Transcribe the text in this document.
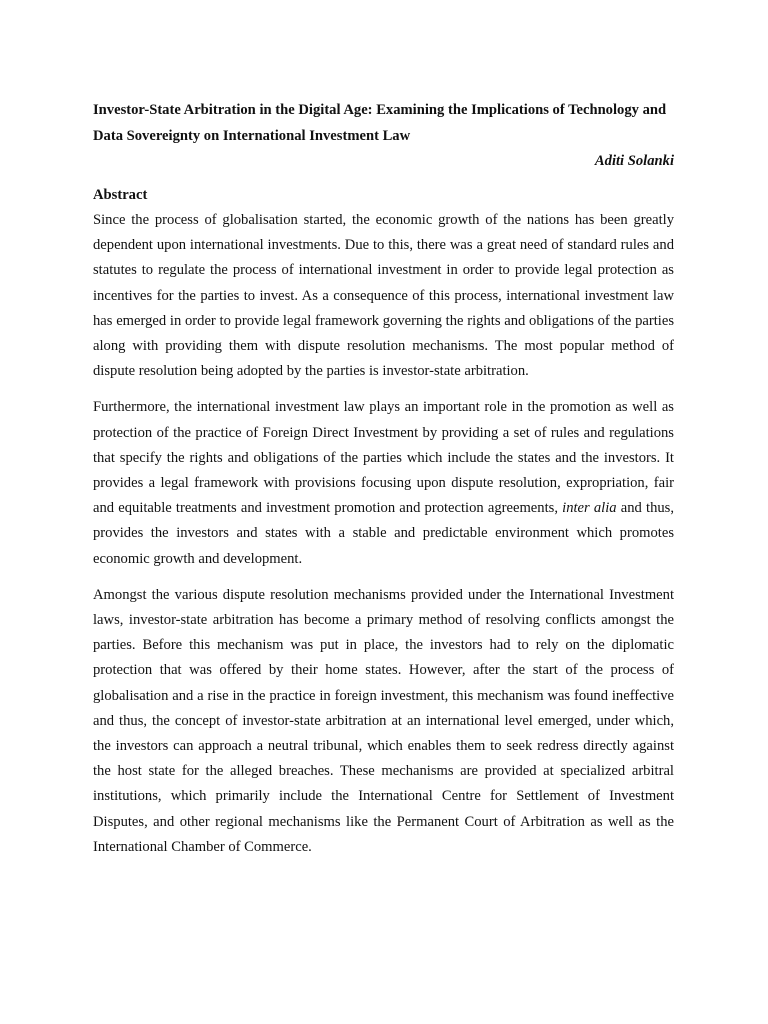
Investor-State Arbitration in the Digital Age: Examining the Implications of Technology and Data Sovereignty on International Investment Law

Aditi Solanki

Abstract

Since the process of globalisation started, the economic growth of the nations has been greatly dependent upon international investments. Due to this, there was a great need of standard rules and statutes to regulate the process of international investment in order to provide legal protection as incentives for the parties to invest. As a consequence of this process, international investment law has emerged in order to provide legal framework governing the rights and obligations of the parties along with providing them with dispute resolution mechanisms. The most popular method of dispute resolution being adopted by the parties is investor-state arbitration.

Furthermore, the international investment law plays an important role in the promotion as well as protection of the practice of Foreign Direct Investment by providing a set of rules and regulations that specify the rights and obligations of the parties which include the states and the investors. It provides a legal framework with provisions focusing upon dispute resolution, expropriation, fair and equitable treatments and investment promotion and protection agreements, inter alia and thus, provides the investors and states with a stable and predictable environment which promotes economic growth and development.

Amongst the various dispute resolution mechanisms provided under the International Investment laws, investor-state arbitration has become a primary method of resolving conflicts amongst the parties. Before this mechanism was put in place, the investors had to rely on the diplomatic protection that was offered by their home states. However, after the start of the process of globalisation and a rise in the practice in foreign investment, this mechanism was found ineffective and thus, the concept of investor-state arbitration at an international level emerged, under which, the investors can approach a neutral tribunal, which enables them to seek redress directly against the host state for the alleged breaches. These mechanisms are provided at specialized arbitral institutions, which primarily include the International Centre for Settlement of Investment Disputes, and other regional mechanisms like the Permanent Court of Arbitration as well as the International Chamber of Commerce.
